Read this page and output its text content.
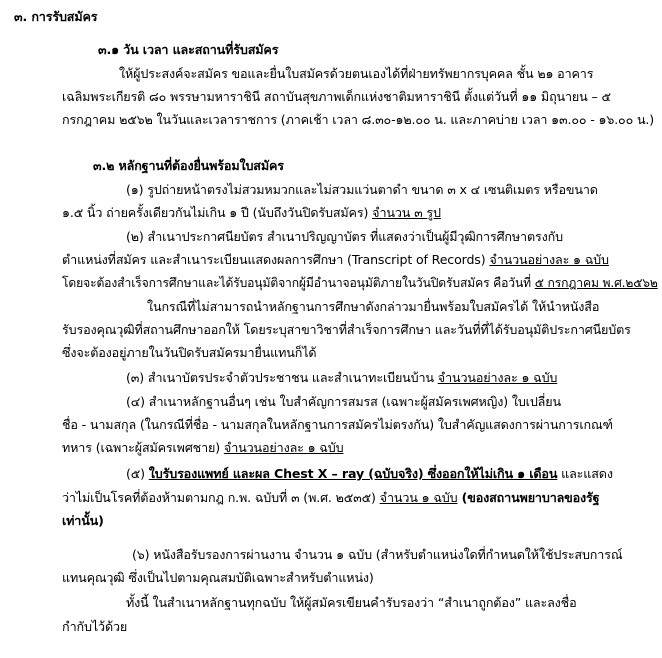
๓. การรับสมัคร
๓.๑ วัน เวลา และสถานที่รับสมัคร
ให้ผู้ประสงค์จะสมัคร ขอและยื่นใบสมัครด้วยตนเองได้ที่ฝ่ายทรัพยากรบุคคล ชั้น ๒๑ อาคาร
เฉลิมพระเกียรติ ๘๐ พรรษามหาราชินี สถาบันสุขภาพเด็กแห่งชาติมหาราชินี ตั้งแต่วันที่ ๑๑ มิถุนายน – ๕
กรกฎาคม ๒๕๖๒ ในวันและเวลาราชการ (ภาคเช้า เวลา ๘.๓๐-๑๒.๐๐ น. และภาคบ่าย เวลา ๑๓.๐๐ - ๑๖.๐๐ น.)
๓.๒ หลักฐานที่ต้องยื่นพร้อมใบสมัคร
(๑) รูปถ่ายหน้าตรงไม่สวมหมวกและไม่สวมแว่นตาดำ ขนาด ๓ x ๔ เซนติเมตร หรือขนาด
๑.๕ นิ้ว ถ่ายครั้งเดียวกันไม่เกิน ๑ ปี (นับถึงวันปิดรับสมัคร) จำนวน ๓ รูป
(๒) สำเนาประกาศนียบัตร สำเนาปริญญาบัตร ที่แสดงว่าเป็นผู้มีวุฒิการศึกษาตรงกับ
ตำแหน่งที่สมัคร และสำเนาระเบียนแสดงผลการศึกษา (Transcript of Records) จำนวนอย่างละ ๑ ฉบับ
โดยจะต้องสำเร็จการศึกษาและได้รับอนุมัติจากผู้มีอำนาจอนุมัติภายในวันปิดรับสมัคร คือวันที่ ๕ กรกฎาคม พ.ศ.๒๕๖๒
ในกรณีที่ไม่สามารถนำหลักฐานการศึกษาดังกล่าวมายื่นพร้อมใบสมัครได้ ให้นำหนังสือ
รับรองคุณวุฒิที่สถานศึกษาออกให้ โดยระบุสาขาวิชาที่สำเร็จการศึกษา และวันที่ที่ได้รับอนุมัติประกาศนียบัตร
ซึ่งจะต้องอยู่ภายในวันปิดรับสมัครมายื่นแทนก็ได้
(๓) สำเนาบัตรประจำตัวประชาชน และสำเนาทะเบียนบ้าน จำนวนอย่างละ ๑ ฉบับ
(๔) สำเนาหลักฐานอื่นๆ เช่น ใบสำคัญการสมรส (เฉพาะผู้สมัครเพศหญิง) ใบเปลี่ยน
ชื่อ - นามสกุล (ในกรณีที่ชื่อ - นามสกุลในหลักฐานการสมัครไม่ตรงกัน) ใบสำคัญแสดงการผ่านการเกณฑ์
ทหาร (เฉพาะผู้สมัครเพศชาย) จำนวนอย่างละ ๑ ฉบับ
(๕) ใบรับรองแพทย์ และผล Chest X – ray (ฉบับจริง) ซึ่งออกให้ไม่เกิน ๑ เดือน และแสดง
ว่าไม่เป็นโรคที่ต้องห้ามตามกฎ ก.พ. ฉบับที่ ๓ (พ.ศ. ๒๕๓๕) จำนวน ๑ ฉบับ (ของสถานพยาบาลของรัฐ
เท่านั้น)
(๖) หนังสือรับรองการผ่านงาน จำนวน ๑ ฉบับ (สำหรับตำแหน่งใดที่กำหนดให้ใช้ประสบการณ์
แทนคุณวุฒิ ซึ่งเป็นไปตามคุณสมบัติเฉพาะสำหรับตำแหน่ง)
ทั้งนี้ ในสำเนาหลักฐานทุกฉบับ ให้ผู้สมัครเขียนคำรับรองว่า “สำเนาถูกต้อง” และลงชื่อ
กำกับไว้ด้วย
